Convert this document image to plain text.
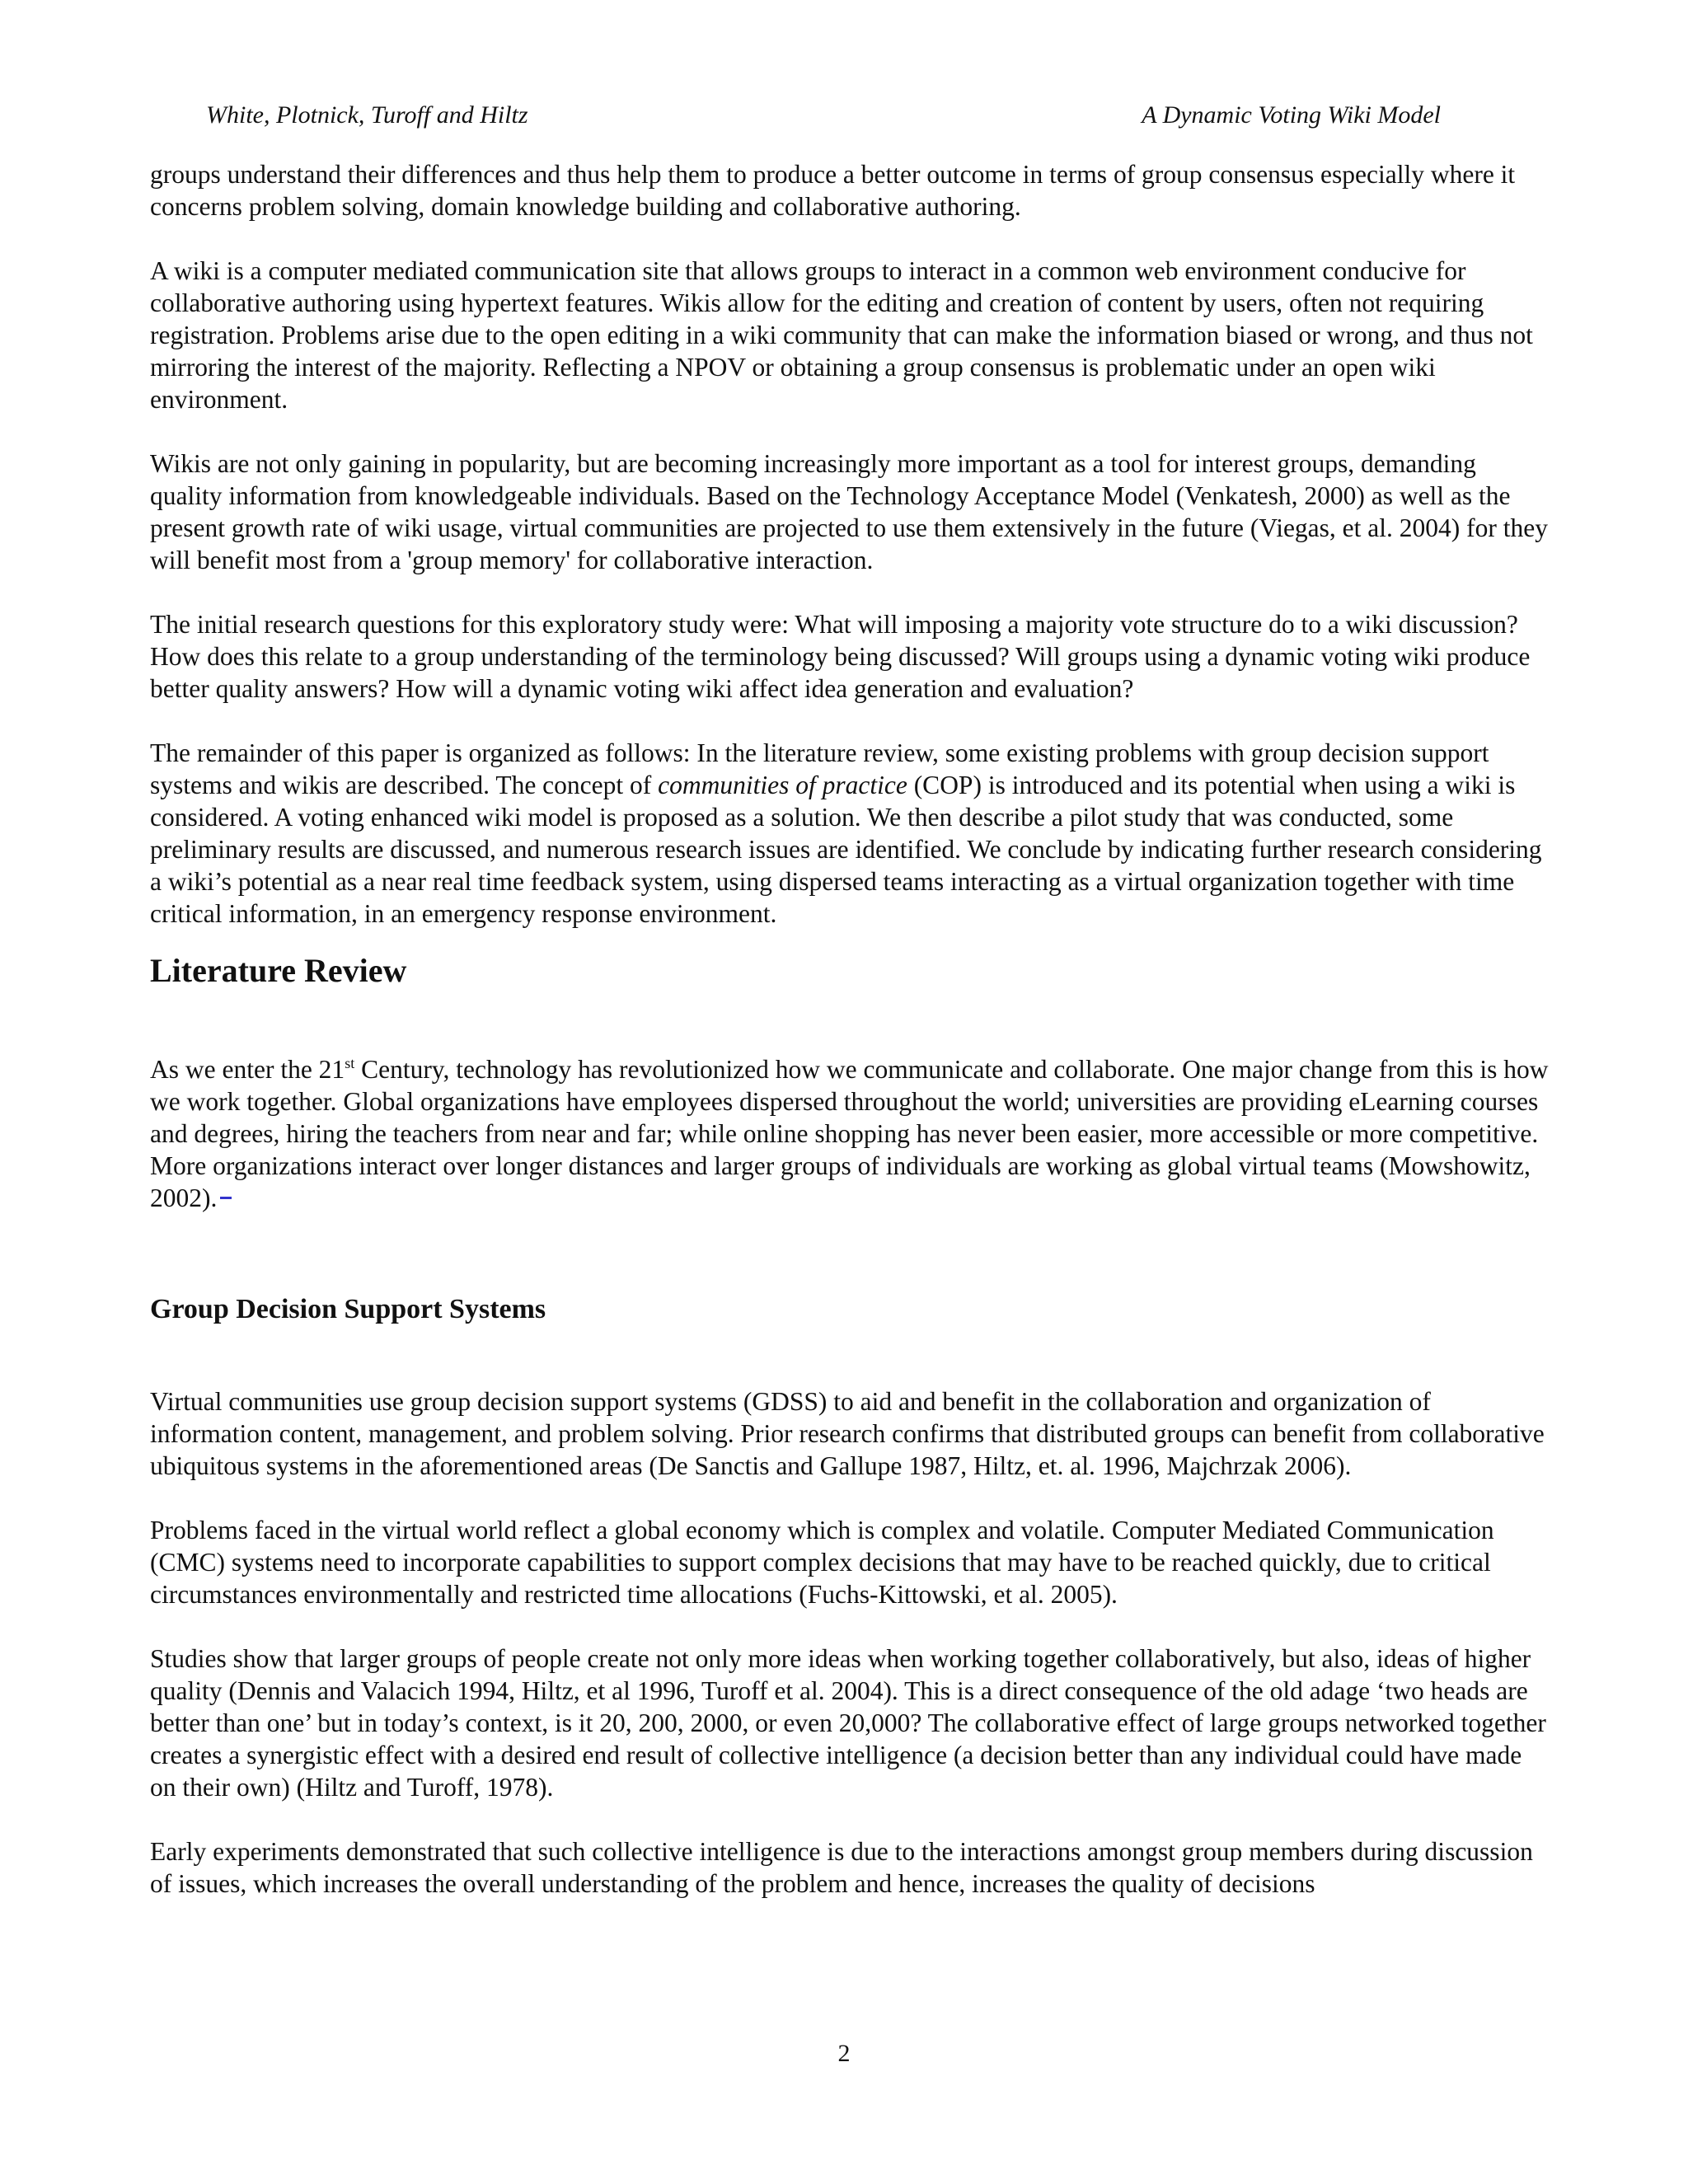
White, Plotnick, Turoff and Hiltz	A Dynamic Voting Wiki Model

groups understand their differences and thus help them to produce a better outcome in terms of group consensus especially where it concerns problem solving, domain knowledge building and collaborative authoring.

A wiki is a computer mediated communication site that allows groups to interact in a common web environment conducive for collaborative authoring using hypertext features. Wikis allow for the editing and creation of content by users, often not requiring registration. Problems arise due to the open editing in a wiki community that can make the information biased or wrong, and thus not mirroring the interest of the majority. Reflecting a NPOV or obtaining a group consensus is problematic under an open wiki environment.

Wikis are not only gaining in popularity, but are becoming increasingly more important as a tool for interest groups, demanding quality information from knowledgeable individuals. Based on the Technology Acceptance Model (Venkatesh, 2000) as well as the present growth rate of wiki usage, virtual communities are projected to use them extensively in the future (Viegas, et al. 2004) for they will benefit most from a 'group memory' for collaborative interaction.

The initial research questions for this exploratory study were: What will imposing a majority vote structure do to a wiki discussion? How does this relate to a group understanding of the terminology being discussed? Will groups using a dynamic voting wiki produce better quality answers? How will a dynamic voting wiki affect idea generation and evaluation?

The remainder of this paper is organized as follows: In the literature review, some existing problems with group decision support systems and wikis are described. The concept of communities of practice (COP) is introduced and its potential when using a wiki is considered. A voting enhanced wiki model is proposed as a solution. We then describe a pilot study that was conducted, some preliminary results are discussed, and numerous research issues are identified. We conclude by indicating further research considering a wiki’s potential as a near real time feedback system, using dispersed teams interacting as a virtual organization together with time critical information, in an emergency response environment.

Literature Review

As we enter the 21st Century, technology has revolutionized how we communicate and collaborate. One major change from this is how we work together. Global organizations have employees dispersed throughout the world; universities are providing eLearning courses and degrees, hiring the teachers from near and far; while online shopping has never been easier, more accessible or more competitive. More organizations interact over longer distances and larger groups of individuals are working as global virtual teams (Mowshowitz, 2002).

Group Decision Support Systems

Virtual communities use group decision support systems (GDSS) to aid and benefit in the collaboration and organization of information content, management, and problem solving. Prior research confirms that distributed groups can benefit from collaborative ubiquitous systems in the aforementioned areas (De Sanctis and Gallupe 1987, Hiltz, et. al. 1996, Majchrzak 2006).

Problems faced in the virtual world reflect a global economy which is complex and volatile. Computer Mediated Communication (CMC) systems need to incorporate capabilities to support complex decisions that may have to be reached quickly, due to critical circumstances environmentally and restricted time allocations (Fuchs-Kittowski, et al. 2005).

Studies show that larger groups of people create not only more ideas when working together collaboratively, but also, ideas of higher quality (Dennis and Valacich 1994, Hiltz, et al 1996, Turoff et al. 2004). This is a direct consequence of the old adage ‘two heads are better than one’ but in today’s context, is it 20, 200, 2000, or even 20,000? The collaborative effect of large groups networked together creates a synergistic effect with a desired end result of collective intelligence (a decision better than any individual could have made on their own) (Hiltz and Turoff, 1978).

Early experiments demonstrated that such collective intelligence is due to the interactions amongst group members during discussion of issues, which increases the overall understanding of the problem and hence, increases the quality of decisions

2
